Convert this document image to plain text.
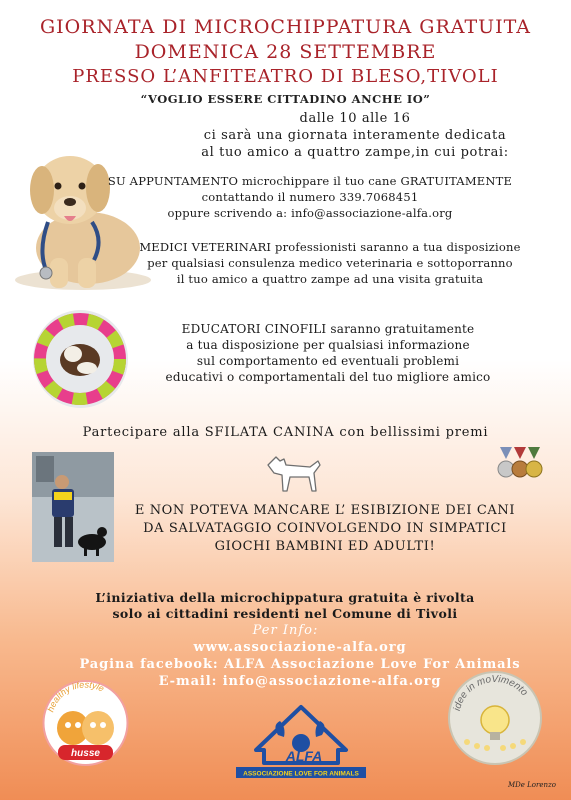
GIORNATA DI MICROCHIPPATURA GRATUITA
DOMENICA 28 SETTEMBRE
PRESSO L’ANFITEATRO DI BLESO,TIVOLI
“VOGLIO ESSERE CITTADINO ANCHE IO”
dalle 10 alle 16
ci sarà una giornata interamente dedicata
al tuo amico a quattro zampe,in cui potrai:
SU APPUNTAMENTO microchippare il tuo cane GRATUITAMENTE
contattando il numero 339.7068451
oppure scrivendo a: info@associazione-alfa.org
MEDICI VETERINARI professionisti saranno a tua disposizione
per qualsiasi consulenza medico veterinaria e sottoporranno
il tuo amico a quattro zampe ad una visita gratuita
EDUCATORI CINOFILI saranno gratuitamente
a tua disposizione per qualsiasi informazione
sul comportamento ed eventuali problemi
educativi o comportamentali del tuo migliore amico
Partecipare alla SFILATA CANINA con bellissimi premi
E NON POTEVA MANCARE L’ ESIBIZIONE DEI CANI
DA SALVATAGGIO COINVOLGENDO IN SIMPATICI
GIOCHI BAMBINI ED ADULTI!
L’iniziativa della microchippatura gratuita è rivolta
solo ai cittadini residenti nel Comune di Tivoli
Per Info:
www.associazione-alfa.org
Pagina facebook: ALFA Associazione Love For Animals
E-mail: info@associazione-alfa.org
healthy lifestyle
husse	ALFA
ASSOCIAZIONE LOVE FOR ANIMALS
idee in moVimento
MDe Lorenzo
